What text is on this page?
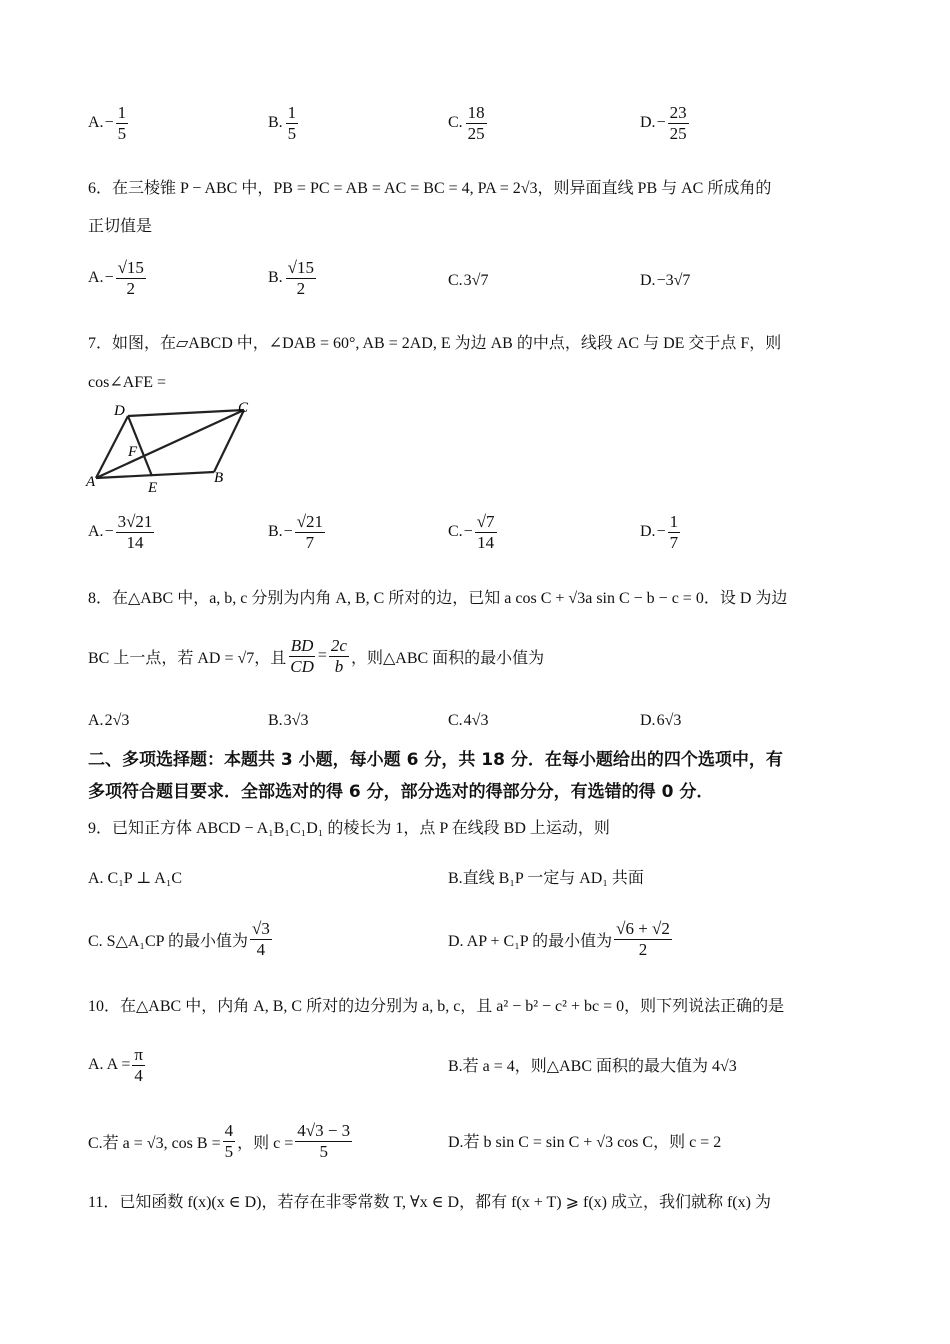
A. − $\frac{1}{5}$	B. $\frac{1}{5}$	C. $\frac{18}{25}$	D. − $\frac{23}{25}$
6．在三棱锥 P − ABC 中，PB = PC = AB = AC = BC = 4, PA = 2√3，则异面直线 PB 与 AC 所成角的
正切值是
A. − $\frac{√15}{2}$	B. $\frac{√15}{2}$	C. 3√7	D. −3√7
7．如图，在▱ABCD 中，∠DAB = 60°, AB = 2AD, E 为边 AB 的中点，线段 AC 与 DE 交于点 F，则
cos∠AFE =
D	C
F
A	E
B
A. − $\frac{3√21}{14}$	B. − $\frac{√21}{7}$	C. − $\frac{√7}{14}$	D. − $\frac{1}{7}$
8．在△ABC 中，a, b, c 分别为内角 A, B, C 所对的边，已知 a cos C + √3a sin C − b − c = 0．设 D 为边
BC 上一点，若 AD = √7，且 $\frac{BD}{CD} = \frac{2c}{b}$ ，则△ABC 面积的最小值为
A. 2√3	B. 3√3	C. 4√3	D. 6√3
二、多项选择题：本题共 3 小题，每小题 6 分，共 18 分．在每小题给出的四个选项中，有
多项符合题目要求．全部选对的得 6 分，部分选对的得部分分，有选错的得 0 分．
9．已知正方体 ABCD − A₁B₁C₁D₁ 的棱长为 1，点 P 在线段 BD 上运动，则
A. C₁P ⊥ A₁C	B.直线 B₁P 一定与 AD₁ 共面
C. S△A₁CP 的最小值为 $\frac{√3}{4}$	D. AP + C₁P 的最小值为 $\frac{√6 + √2}{2}$
10．在△ABC 中，内角 A, B, C 所对的边分别为 a, b, c，且 a² − b² − c² + bc = 0，则下列说法正确的是
A. $A = \frac{\pi}{4}$	B.若 a = 4，则△ABC 面积的最大值为 4√3
C.若 a = √3, $\cos B = \frac{4}{5}$ ，则 $c = \frac{4√3 - 3}{5}$	D.若 b sin C = sin C + √3 cos C，则 c = 2
11．已知函数 f(x)(x ∈ D)，若存在非零常数 T, ∀x ∈ D，都有 f(x + T) ⩾ f(x) 成立，我们就称 f(x) 为
